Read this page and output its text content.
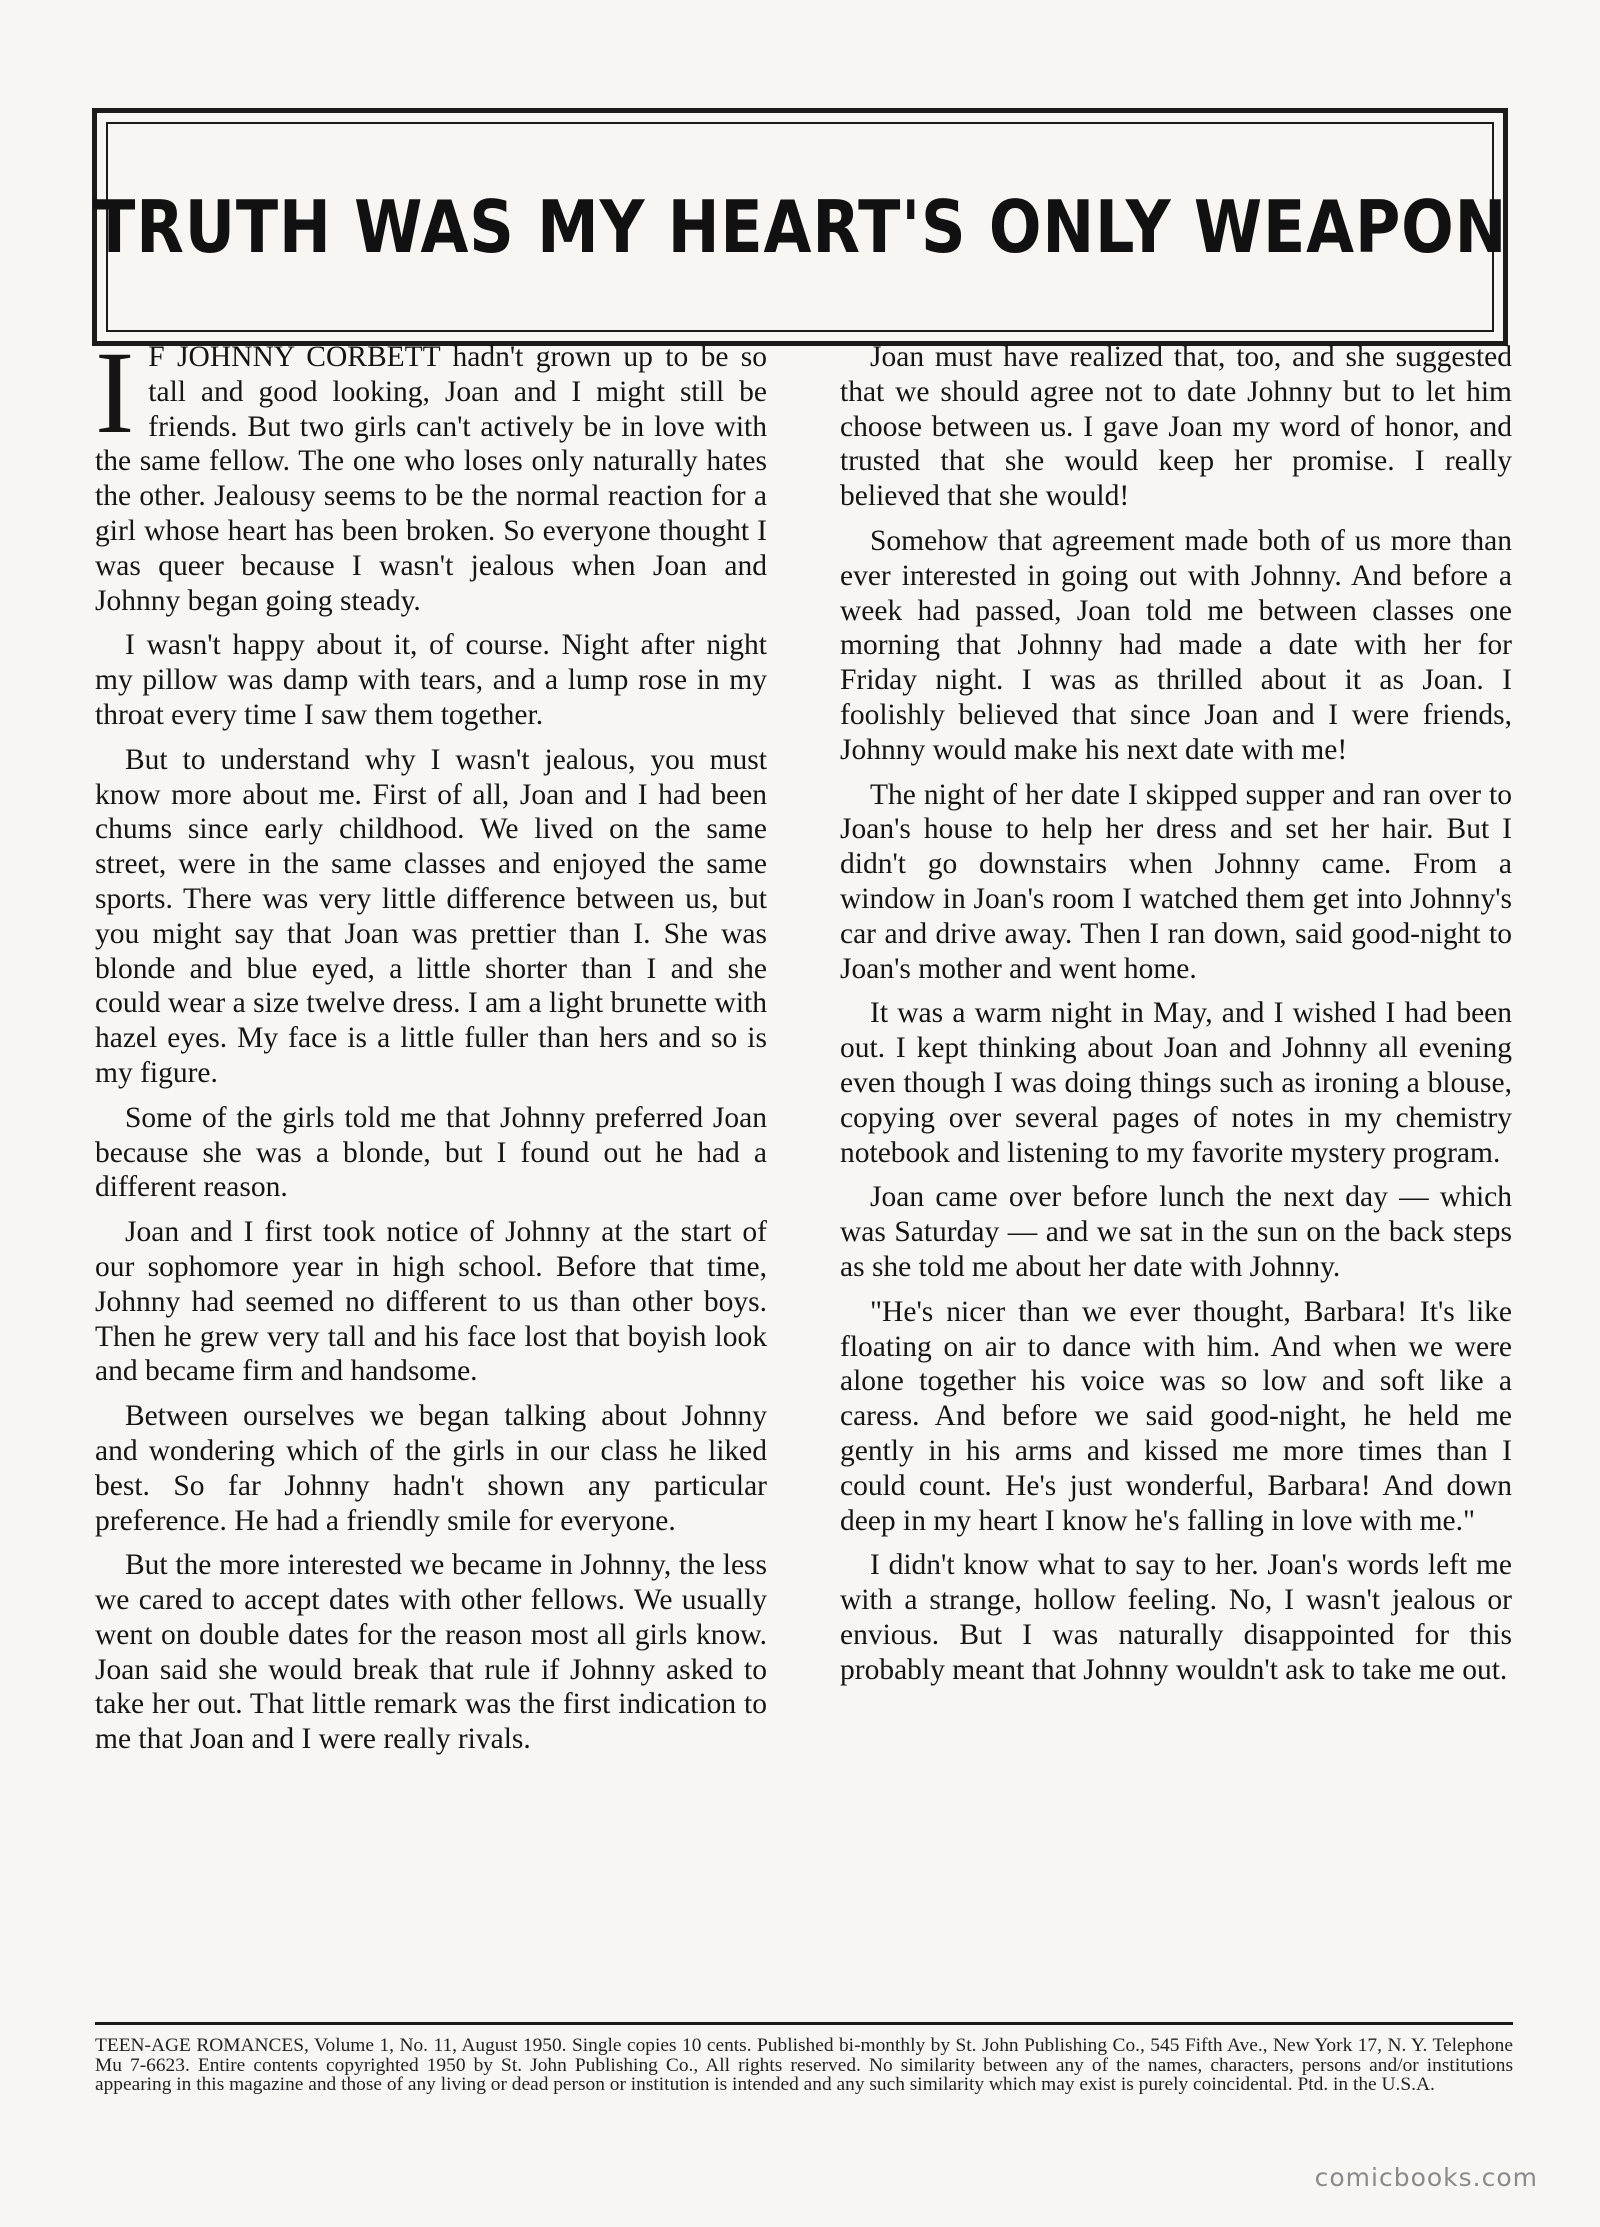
TRUTH WAS MY HEART'S ONLY WEAPON

I F JOHNNY CORBETT hadn't grown up to be so tall and good looking, Joan and I might still be friends. But two girls can't actively be in love with the same fellow. The one who loses only naturally hates the other. Jealousy seems to be the normal reaction for a girl whose heart has been broken. So everyone thought I was queer because I wasn't jealous when Joan and Johnny began going steady.

I wasn't happy about it, of course. Night after night my pillow was damp with tears, and a lump rose in my throat every time I saw them together.

But to understand why I wasn't jealous, you must know more about me. First of all, Joan and I had been chums since early childhood. We lived on the same street, were in the same classes and enjoyed the same sports. There was very little difference between us, but you might say that Joan was prettier than I. She was blonde and blue eyed, a little shorter than I and she could wear a size twelve dress. I am a light brunette with hazel eyes. My face is a little fuller than hers and so is my figure.

Some of the girls told me that Johnny preferred Joan because she was a blonde, but I found out he had a different reason.

Joan and I first took notice of Johnny at the start of our sophomore year in high school. Before that time, Johnny had seemed no different to us than other boys. Then he grew very tall and his face lost that boyish look and became firm and handsome.

Between ourselves we began talking about Johnny and wondering which of the girls in our class he liked best. So far Johnny hadn't shown any particular preference. He had a friendly smile for everyone.

But the more interested we became in Johnny, the less we cared to accept dates with other fellows. We usually went on double dates for the reason most all girls know. Joan said she would break that rule if Johnny asked to take her out. That little remark was the first indication to me that Joan and I were really rivals.

Joan must have realized that, too, and she suggested that we should agree not to date Johnny but to let him choose between us. I gave Joan my word of honor, and trusted that she would keep her promise. I really believed that she would!

Somehow that agreement made both of us more than ever interested in going out with Johnny. And before a week had passed, Joan told me between classes one morning that Johnny had made a date with her for Friday night. I was as thrilled about it as Joan. I foolishly believed that since Joan and I were friends, Johnny would make his next date with me!

The night of her date I skipped supper and ran over to Joan's house to help her dress and set her hair. But I didn't go downstairs when Johnny came. From a window in Joan's room I watched them get into Johnny's car and drive away. Then I ran down, said good-night to Joan's mother and went home.

It was a warm night in May, and I wished I had been out. I kept thinking about Joan and Johnny all evening even though I was doing things such as ironing a blouse, copying over several pages of notes in my chemistry notebook and listening to my favorite mystery program.

Joan came over before lunch the next day — which was Saturday — and we sat in the sun on the back steps as she told me about her date with Johnny.

"He's nicer than we ever thought, Barbara! It's like floating on air to dance with him. And when we were alone together his voice was so low and soft like a caress. And before we said good-night, he held me gently in his arms and kissed me more times than I could count. He's just wonderful, Barbara! And down deep in my heart I know he's falling in love with me."

I didn't know what to say to her. Joan's words left me with a strange, hollow feeling. No, I wasn't jealous or envious. But I was naturally disappointed for this probably meant that Johnny wouldn't ask to take me out.

TEEN-AGE ROMANCES, Volume 1, No. 11, August 1950. Single copies 10 cents. Published bi-monthly by St. John Publishing Co., 545 Fifth Ave., New York 17, N. Y. Telephone Mu 7-6623. Entire contents copyrighted 1950 by St. John Publishing Co., All rights reserved. No similarity between any of the names, characters, persons and/or institutions appearing in this magazine and those of any living or dead person or institution is intended and any such similarity which may exist is purely coincidental. Ptd. in the U.S.A.
comicbooks.com
